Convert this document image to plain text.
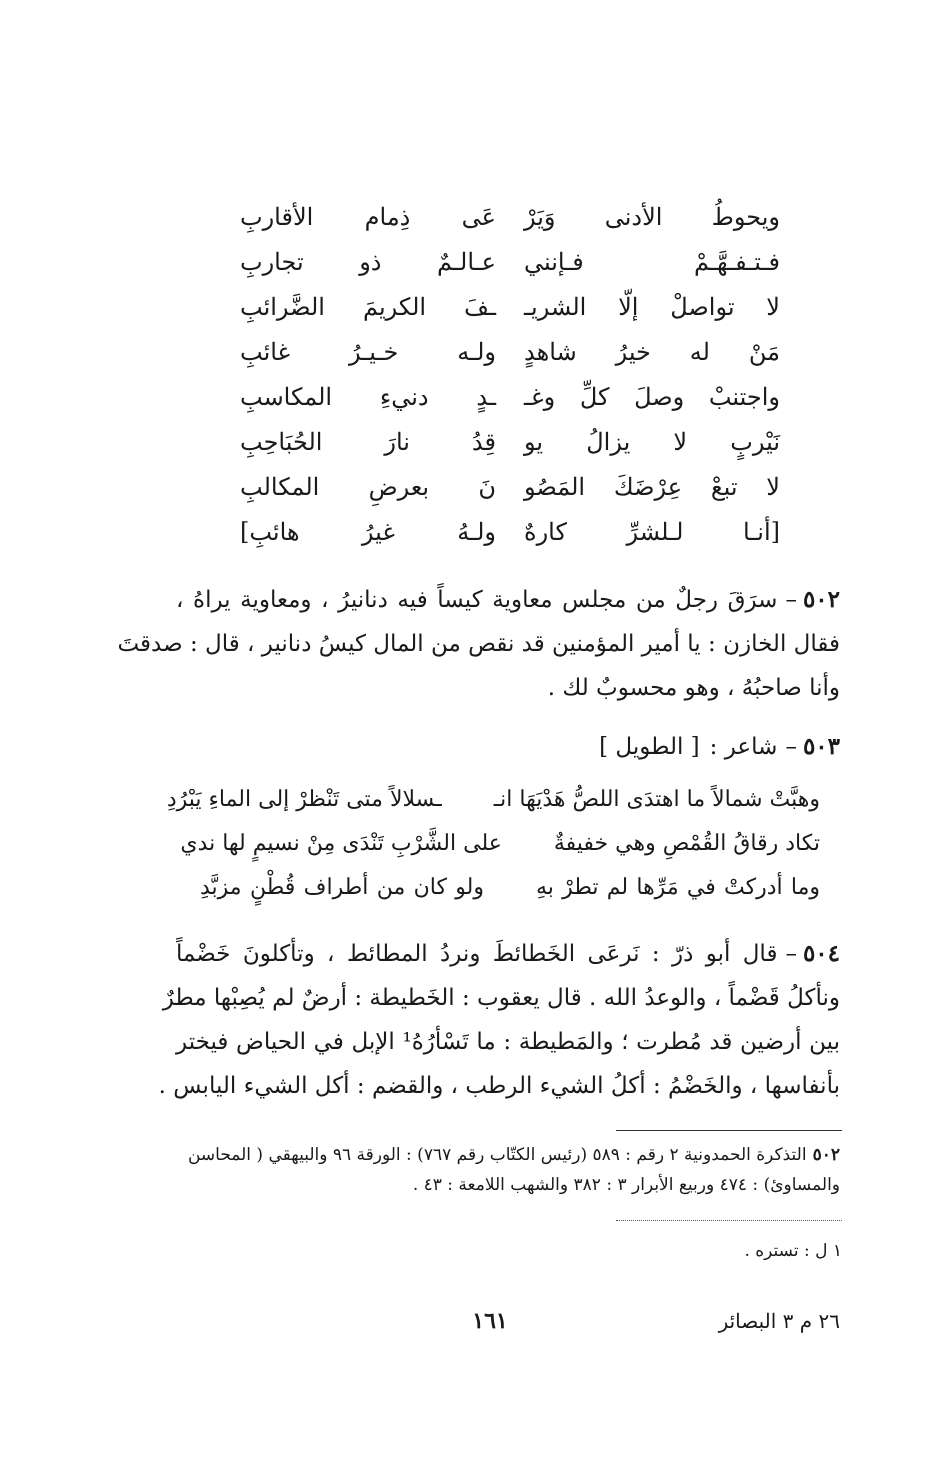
ويحوطُ الأدنى وَيَرْ
عَى ذِمام الأقاربِ
فـتـفـهَّـمْ فـإنني
عـالـمٌ ذو تجاربِ
لا تواصلْ إلّا الشريـ
ـفَ الكريمَ الضَّرائبِ
مَنْ له خيرُ شاهدٍ
ولـه خـيـرُ غائبِ
واجتنبْ وصلَ كلِّ وغـ
ـدٍ دنيءِ المكاسبِ
نَيْربٍ لا يزالُ يو
قِدُ نارَ الحُبَاحِبِ
لا تبعْ عِرْضَكَ المَصُو
نَ بعرضِ المكالبِ
[أنـا لـلشرِّ كارهٌ
ولـهُ غيرُ هائبِ]
٥٠٢–سرَقَ رجلٌ من مجلس معاوية كيساً فيه دنانيرُ ، ومعاوية يراهُ ،
فقال الخازن : يا أمير المؤمنين قد نقص من المال كيسُ دنانير ، قال : صدقتَ
وأنا صاحبُهُ ، وهو محسوبٌ لك .
٥٠٣–شاعر :[ الطويل ]
وهبَّتْ شمالاً ما اهتدَى اللصُّ هَدْيَهَا انـ
ـسلالاً متى تَنْظرْ إلى الماءِ يَبْرُدِ
تكاد رقاقُ القُمْصِ وهي خفيفةٌ
على الشَّرْبِ تَنْدَى مِنْ نسيمٍ لها ندي
وما أدركتْ في مَرِّها لم تطرْ بهِ
ولو كان من أطراف قُطْنٍ مزبَّدِ
٥٠٤–قال أبو ذرّ : نَرعَى الخَطائطَ ونردُ المطائط ، وتأكلونَ خَضْماً
ونأكلُ قَضْماً ، والوعدُ الله . قال يعقوب : الخَطيطة : أرضٌ لم يُصِبْها مطرٌ
بين أرضين قد مُطرت ؛ والمَطيطة : ما تَسْأرُهُ¹ الإبل في الحياض فيختر
بأنفاسها ، والخَضْمُ : أكلُ الشيء الرطب ، والقضم : أكل الشيء اليابس .
٥٠٢التذكرة الحمدونية ٢ رقم : ٥٨٩ (رئيس الكتّاب رقم ٧٦٧) : الورقة ٩٦ والبيهقي ( المحاسن
والمساوئ) : ٤٧٤ وربيع الأبرار ٣ : ٣٨٢ والشهب اللامعة : ٤٣ .
١ ل : تستره .
١٦١	٢٦ م ٣ البصائر
